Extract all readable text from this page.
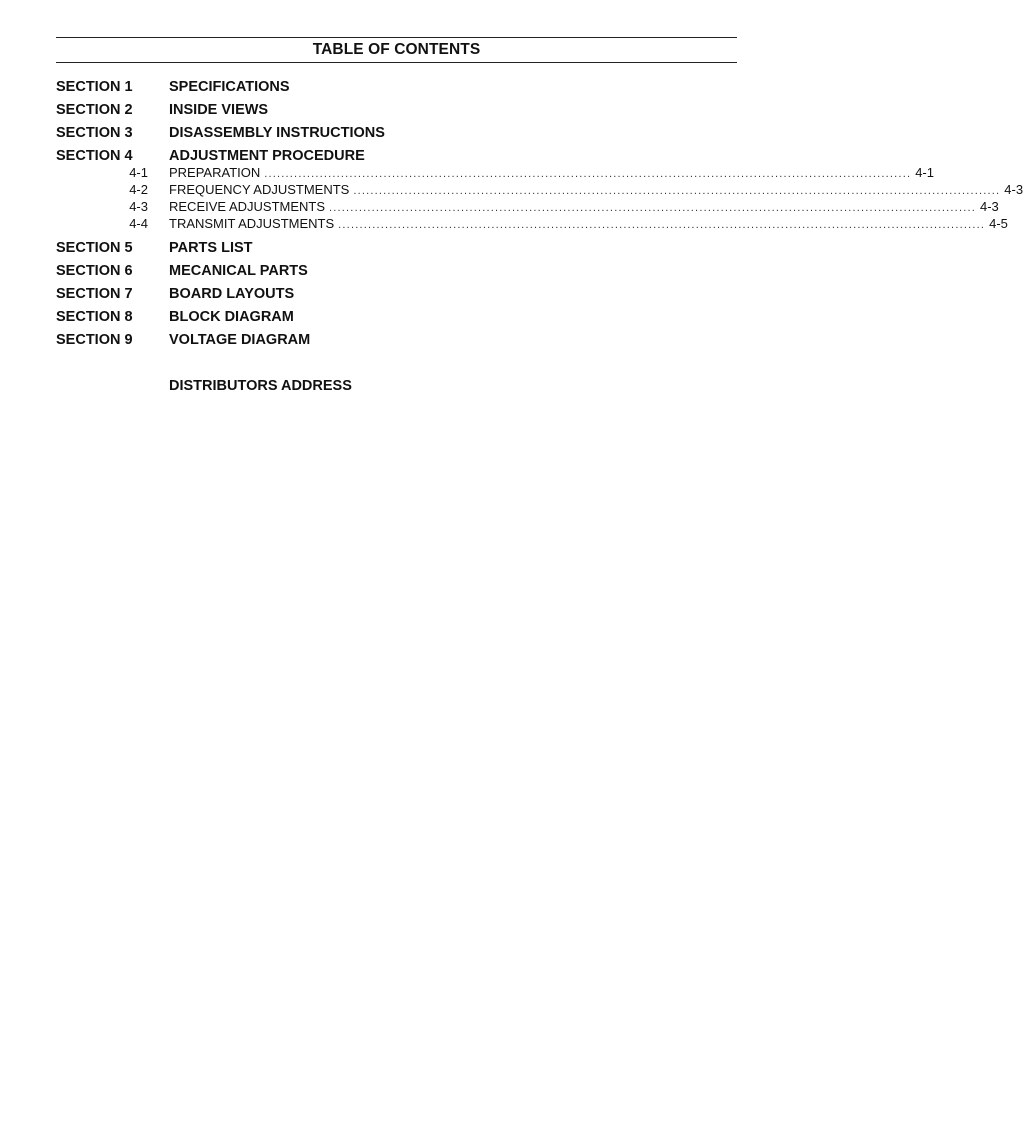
TABLE OF CONTENTS
SECTION 1	SPECIFICATIONS
SECTION 2	INSIDE VIEWS
SECTION 3	DISASSEMBLY INSTRUCTIONS
SECTION 4	ADJUSTMENT PROCEDURE
4-1 PREPARATION ........................................................................................................................................................ 4-1
4-2 FREQUENCY ADJUSTMENTS ........................................................................................................................................................ 4-3
4-3 RECEIVE ADJUSTMENTS ........................................................................................................................................................ 4-3
4-4 TRANSMIT ADJUSTMENTS ........................................................................................................................................................ 4-5
SECTION 5	PARTS LIST
SECTION 6	MECANICAL PARTS
SECTION 7	BOARD LAYOUTS
SECTION 8	BLOCK DIAGRAM
SECTION 9	VOLTAGE DIAGRAM
DISTRIBUTORS ADDRESS
